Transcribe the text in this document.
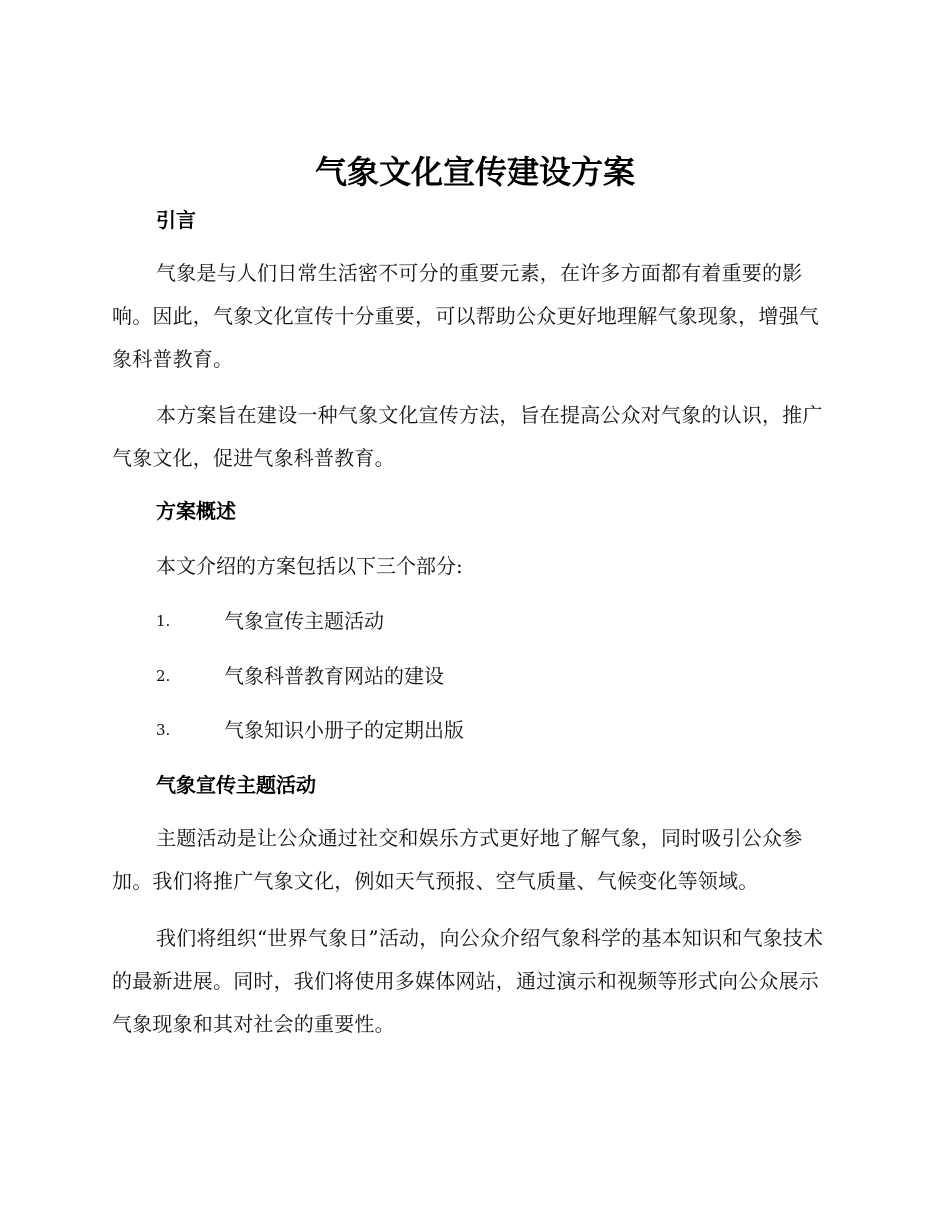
气象文化宣传建设方案
引言

气象是与人们日常生活密不可分的重要元素，在许多方面都有着重要的影响。因此，气象文化宣传十分重要，可以帮助公众更好地理解气象现象，增强气象科普教育。

本方案旨在建设一种气象文化宣传方法，旨在提高公众对气象的认识，推广气象文化，促进气象科普教育。

方案概述

本文介绍的方案包括以下三个部分:

1.	气象宣传主题活动
2.	气象科普教育网站的建设
3.	气象知识小册子的定期出版
气象宣传主题活动

主题活动是让公众通过社交和娱乐方式更好地了解气象，同时吸引公众参加。我们将推广气象文化，例如天气预报、空气质量、气候变化等领域。

我们将组织“世界气象日”活动，向公众介绍气象科学的基本知识和气象技术的最新进展。同时，我们将使用多媒体网站，通过演示和视频等形式向公众展示气象现象和其对社会的重要性。
